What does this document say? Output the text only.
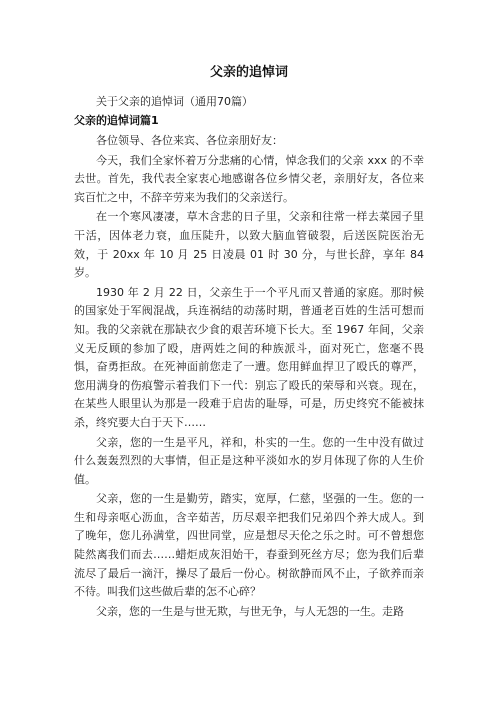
父亲的追悼词
关于父亲的追悼词（通用70篇）
父亲的追悼词篇1
各位领导、各位来宾、各位亲朋好友：
今天，我们全家怀着万分悲痛的心情，悼念我们的父亲 xxx 的不幸去世。首先，我代表全家衷心地感谢各位乡情父老，亲朋好友，各位来宾百忙之中，不辞辛劳来为我们的父亲送行。
在一个寒风凄凄，草木含悲的日子里，父亲和往常一样去菜园子里干活，因体老力衰，血压陡升，以致大脑血管破裂，后送医院医治无效，于 20xx 年 10 月 25 日凌晨 01 时 30 分，与世长辞，享年 84 岁。
1930 年 2 月 22 日，父亲生于一个平凡而又普通的家庭。那时候的国家处于军阀混战，兵连祸结的动荡时期，普通老百姓的生活可想而知。我的父亲就在那缺衣少食的艰苦环境下长大。至 1967 年间，父亲义无反顾的参加了殴，唐两姓之间的种族派斗，面对死亡，您毫不畏惧，奋勇拒敌。在死神面前您走了一遭。您用鲜血捍卫了殴氏的尊严，您用满身的伤痕警示着我们下一代：别忘了殴氏的荣辱和兴衰。现在，在某些人眼里认为那是一段难于启齿的耻辱，可是，历史终究不能被抹杀，终究要大白于天下……
父亲，您的一生是平凡，祥和，朴实的一生。您的一生中没有做过什么轰轰烈烈的大事情，但正是这种平淡如水的岁月体现了你的人生价值。
父亲，您的一生是勤劳，踏实，宽厚，仁慈，坚强的一生。您的一生和母亲呕心沥血，含辛茹苦，历尽艰辛把我们兄弟四个养大成人。到了晚年，您儿孙满堂，四世同堂，应是想尽天伦之乐之时。可不曾想您陡然离我们而去……蜡炬成灰泪始干，春蚕到死丝方尽；您为我们后辈流尽了最后一滴汗，操尽了最后一份心。树欲静而风不止，子欲养而亲不待。叫我们这些做后辈的怎不心碎？
父亲，您的一生是与世无欺，与世无争，与人无怨的一生。走路
